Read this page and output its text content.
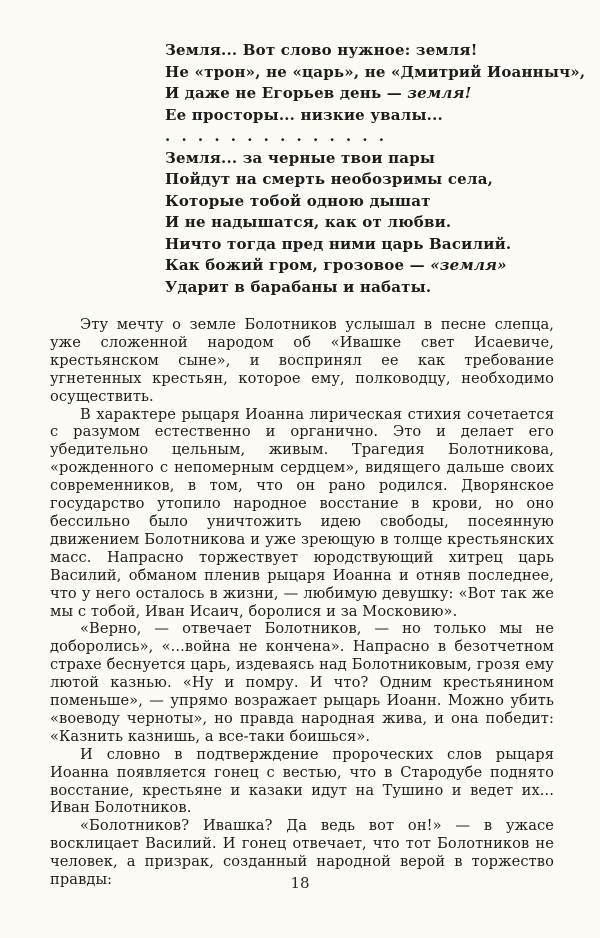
Земля... Вот слово нужное: земля!
Не «трон», не «царь», не «Дмитрий Иоанныч»,
И даже не Егорьев день — земля!
Ее просторы... низкие увалы...
. . . . . . . . . . . . . .
Земля... за черные твои пары
Пойдут на смерть необозримы села,
Которые тобой одною дышат
И не надышатся, как от любви.
Ничто тогда пред ними царь Василий.
Как божий гром, грозовое — «земля»
Ударит в барабаны и набаты.

Эту мечту о земле Болотников услышал в песне слепца, уже сложенной народом об «Ивашке свет Исаевиче, крестьянском сыне», и воспринял ее как требование угнетенных крестьян, которое ему, полководцу, необходимо осуществить.

В характере рыцаря Иоанна лирическая стихия сочетается с разумом естественно и органично. Это и делает его убедительно цельным, живым. Трагедия Болотникова, «рожденного с непомерным сердцем», видящего дальше своих современников, в том, что он рано родился. Дворянское государство утопило народное восстание в крови, но оно бессильно было уничтожить идею свободы, посеянную движением Болотникова и уже зреющую в толще крестьянских масс. Напрасно торжествует юродствующий хитрец царь Василий, обманом пленив рыцаря Иоанна и отняв последнее, что у него осталось в жизни, — любимую девушку: «Вот так же мы с тобой, Иван Исаич, боролися и за Московию».

«Верно, — отвечает Болотников, — но только мы не доборолись», «...война не кончена». Напрасно в безотчетном страхе беснуется царь, издеваясь над Болотниковым, грозя ему лютой казнью. «Ну и помру. И что? Одним крестьянином поменьше», — упрямо возражает рыцарь Иоанн. Можно убить «воеводу черноты», но правда народная жива, и она победит: «Казнить казнишь, а все-таки боишься».

И словно в подтверждение пророческих слов рыцаря Иоанна появляется гонец с вестью, что в Стародубе поднято восстание, крестьяне и казаки идут на Тушино и ведет их... Иван Болотников.

«Болотников? Ивашка? Да ведь вот он!» — в ужасе восклицает Василий. И гонец отвечает, что тот Болотников не человек, а призрак, созданный народной верой в торжество правды:	18
